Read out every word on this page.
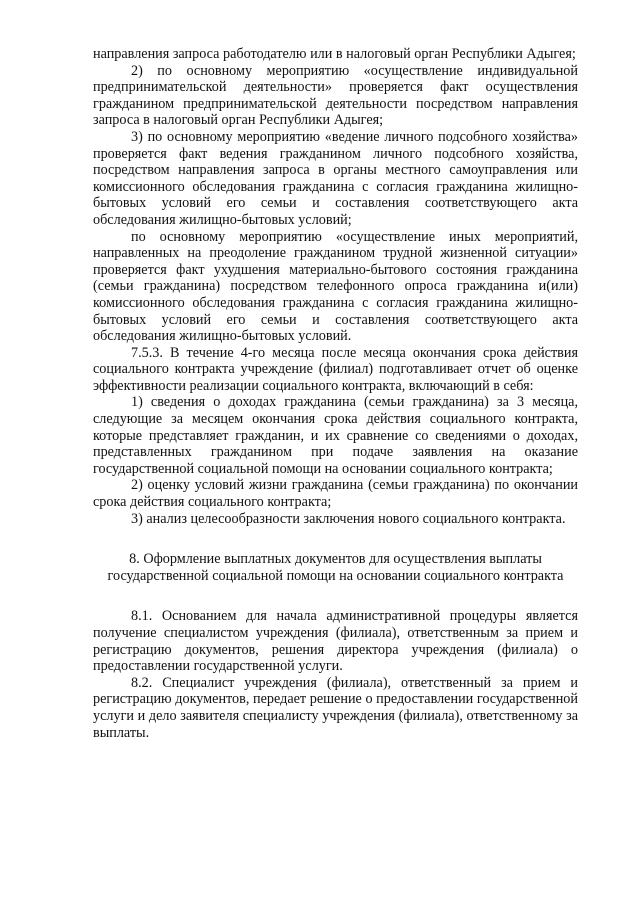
направления запроса работодателю или в налоговый орган Республики Адыгея;

2) по основному мероприятию «осуществление индивидуальной предпринимательской деятельности» проверяется факт осуществления гражданином предпринимательской деятельности посредством направления запроса в налоговый орган Республики Адыгея;

3) по основному мероприятию «ведение личного подсобного хозяйства» проверяется факт ведения гражданином личного подсобного хозяйства, посредством направления запроса в органы местного самоуправления или комиссионного обследования гражданина с согласия гражданина жилищно-бытовых условий его семьи и составления соответствующего акта обследования жилищно-бытовых условий;

по основному мероприятию «осуществление иных мероприятий, направленных на преодоление гражданином трудной жизненной ситуации» проверяется факт ухудшения материально-бытового состояния гражданина (семьи гражданина) посредством телефонного опроса гражданина и(или) комиссионного обследования гражданина с согласия гражданина жилищно-бытовых условий его семьи и составления соответствующего акта обследования жилищно-бытовых условий.

7.5.3. В течение 4-го месяца после месяца окончания срока действия социального контракта учреждение (филиал) подготавливает отчет об оценке эффективности реализации социального контракта, включающий в себя:

1) сведения о доходах гражданина (семьи гражданина) за 3 месяца, следующие за месяцем окончания срока действия социального контракта, которые представляет гражданин, и их сравнение со сведениями о доходах, представленных гражданином при подаче заявления на оказание государственной социальной помощи на основании социального контракта;

2) оценку условий жизни гражданина (семьи гражданина) по окончании срока действия социального контракта;

3) анализ целесообразности заключения нового социального контракта.

8. Оформление выплатных документов для осуществления выплаты государственной социальной помощи на основании социального контракта

8.1. Основанием для начала административной процедуры является получение специалистом учреждения (филиала), ответственным за прием и регистрацию документов, решения директора учреждения (филиала) о предоставлении государственной услуги.

8.2. Специалист учреждения (филиала), ответственный за прием и регистрацию документов, передает решение о предоставлении государственной услуги и дело заявителя специалисту учреждения (филиала), ответственному за выплаты.
